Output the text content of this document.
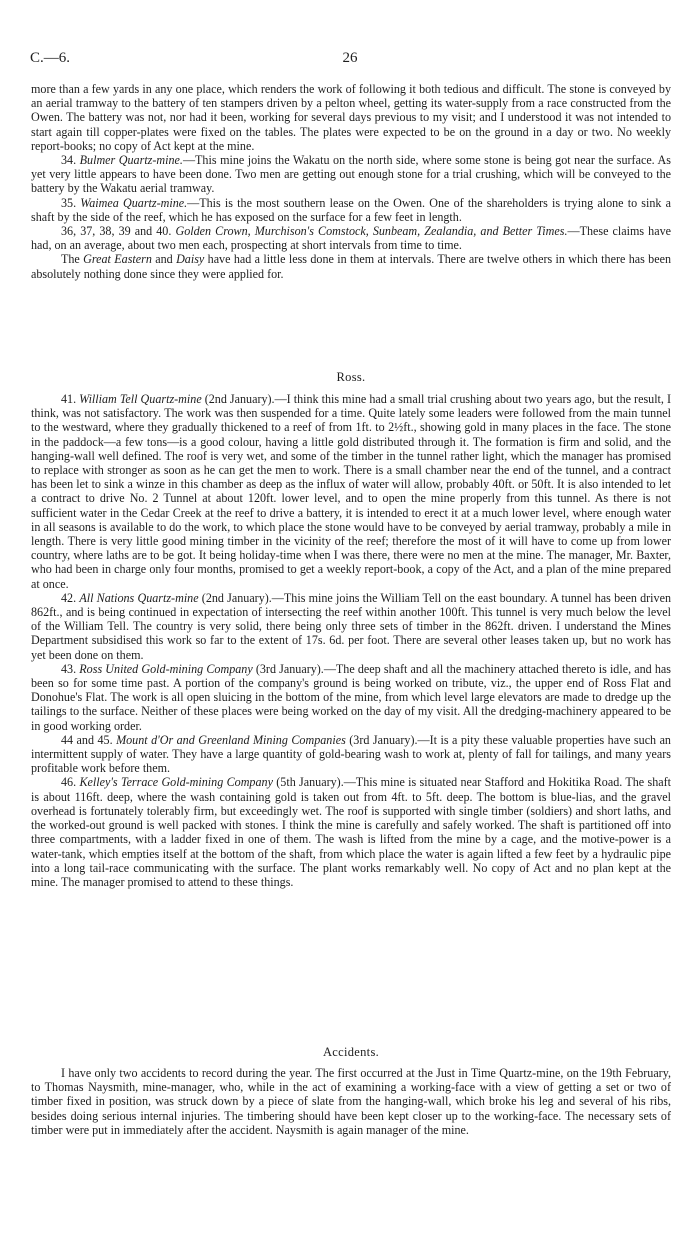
C.—6.	26

more than a few yards in any one place, which renders the work of following it both tedious and difficult. The stone is conveyed by an aerial tramway to the battery of ten stampers driven by a pelton wheel, getting its water-supply from a race constructed from the Owen. The battery was not, nor had it been, working for several days previous to my visit; and I understood it was not intended to start again till copper-plates were fixed on the tables. The plates were expected to be on the ground in a day or two. No weekly report-books; no copy of Act kept at the mine.

34. Bulmer Quartz-mine.—This mine joins the Wakatu on the north side, where some stone is being got near the surface. As yet very little appears to have been done. Two men are getting out enough stone for a trial crushing, which will be conveyed to the battery by the Wakatu aerial tramway.

35. Waimea Quartz-mine.—This is the most southern lease on the Owen. One of the shareholders is trying alone to sink a shaft by the side of the reef, which he has exposed on the surface for a few feet in length.

36, 37, 38, 39 and 40. Golden Crown, Murchison's Comstock, Sunbeam, Zealandia, and Better Times.—These claims have had, on an average, about two men each, prospecting at short intervals from time to time.

The Great Eastern and Daisy have had a little less done in them at intervals. There are twelve others in which there has been absolutely nothing done since they were applied for.

Ross.

41. William Tell Quartz-mine (2nd January).—I think this mine had a small trial crushing about two years ago, but the result, I think, was not satisfactory. The work was then suspended for a time. Quite lately some leaders were followed from the main tunnel to the westward, where they gradually thickened to a reef of from 1ft. to 2½ft., showing gold in many places in the face. The stone in the paddock—a few tons—is a good colour, having a little gold distributed through it. The formation is firm and solid, and the hanging-wall well defined. The roof is very wet, and some of the timber in the tunnel rather light, which the manager has promised to replace with stronger as soon as he can get the men to work. There is a small chamber near the end of the tunnel, and a contract has been let to sink a winze in this chamber as deep as the influx of water will allow, probably 40ft. or 50ft. It is also intended to let a contract to drive No. 2 Tunnel at about 120ft. lower level, and to open the mine properly from this tunnel. As there is not sufficient water in the Cedar Creek at the reef to drive a battery, it is intended to erect it at a much lower level, where enough water in all seasons is available to do the work, to which place the stone would have to be conveyed by aerial tramway, probably a mile in length. There is very little good mining timber in the vicinity of the reef; therefore the most of it will have to come up from lower country, where laths are to be got. It being holiday-time when I was there, there were no men at the mine. The manager, Mr. Baxter, who had been in charge only four months, promised to get a weekly report-book, a copy of the Act, and a plan of the mine prepared at once.

42. All Nations Quartz-mine (2nd January).—This mine joins the William Tell on the east boundary. A tunnel has been driven 862ft., and is being continued in expectation of intersecting the reef within another 100ft. This tunnel is very much below the level of the William Tell. The country is very solid, there being only three sets of timber in the 862ft. driven. I understand the Mines Department subsidised this work so far to the extent of 17s. 6d. per foot. There are several other leases taken up, but no work has yet been done on them.

43. Ross United Gold-mining Company (3rd January).—The deep shaft and all the machinery attached thereto is idle, and has been so for some time past. A portion of the company's ground is being worked on tribute, viz., the upper end of Ross Flat and Donohue's Flat. The work is all open sluicing in the bottom of the mine, from which level large elevators are made to dredge up the tailings to the surface. Neither of these places were being worked on the day of my visit. All the dredging-machinery appeared to be in good working order.

44 and 45. Mount d'Or and Greenland Mining Companies (3rd January).—It is a pity these valuable properties have such an intermittent supply of water. They have a large quantity of gold-bearing wash to work at, plenty of fall for tailings, and many years profitable work before them.

46. Kelley's Terrace Gold-mining Company (5th January).—This mine is situated near Stafford and Hokitika Road. The shaft is about 116ft. deep, where the wash containing gold is taken out from 4ft. to 5ft. deep. The bottom is blue-lias, and the gravel overhead is fortunately tolerably firm, but exceedingly wet. The roof is supported with single timber (soldiers) and short laths, and the worked-out ground is well packed with stones. I think the mine is carefully and safely worked. The shaft is partitioned off into three compartments, with a ladder fixed in one of them. The wash is lifted from the mine by a cage, and the motive-power is a water-tank, which empties itself at the bottom of the shaft, from which place the water is again lifted a few feet by a hydraulic pipe into a long tail-race communicating with the surface. The plant works remarkably well. No copy of Act and no plan kept at the mine. The manager promised to attend to these things.

Accidents.

I have only two accidents to record during the year. The first occurred at the Just in Time Quartz-mine, on the 19th February, to Thomas Naysmith, mine-manager, who, while in the act of examining a working-face with a view of getting a set or two of timber fixed in position, was struck down by a piece of slate from the hanging-wall, which broke his leg and several of his ribs, besides doing serious internal injuries. The timbering should have been kept closer up to the working-face. The necessary sets of timber were put in immediately after the accident. Naysmith is again manager of the mine.
